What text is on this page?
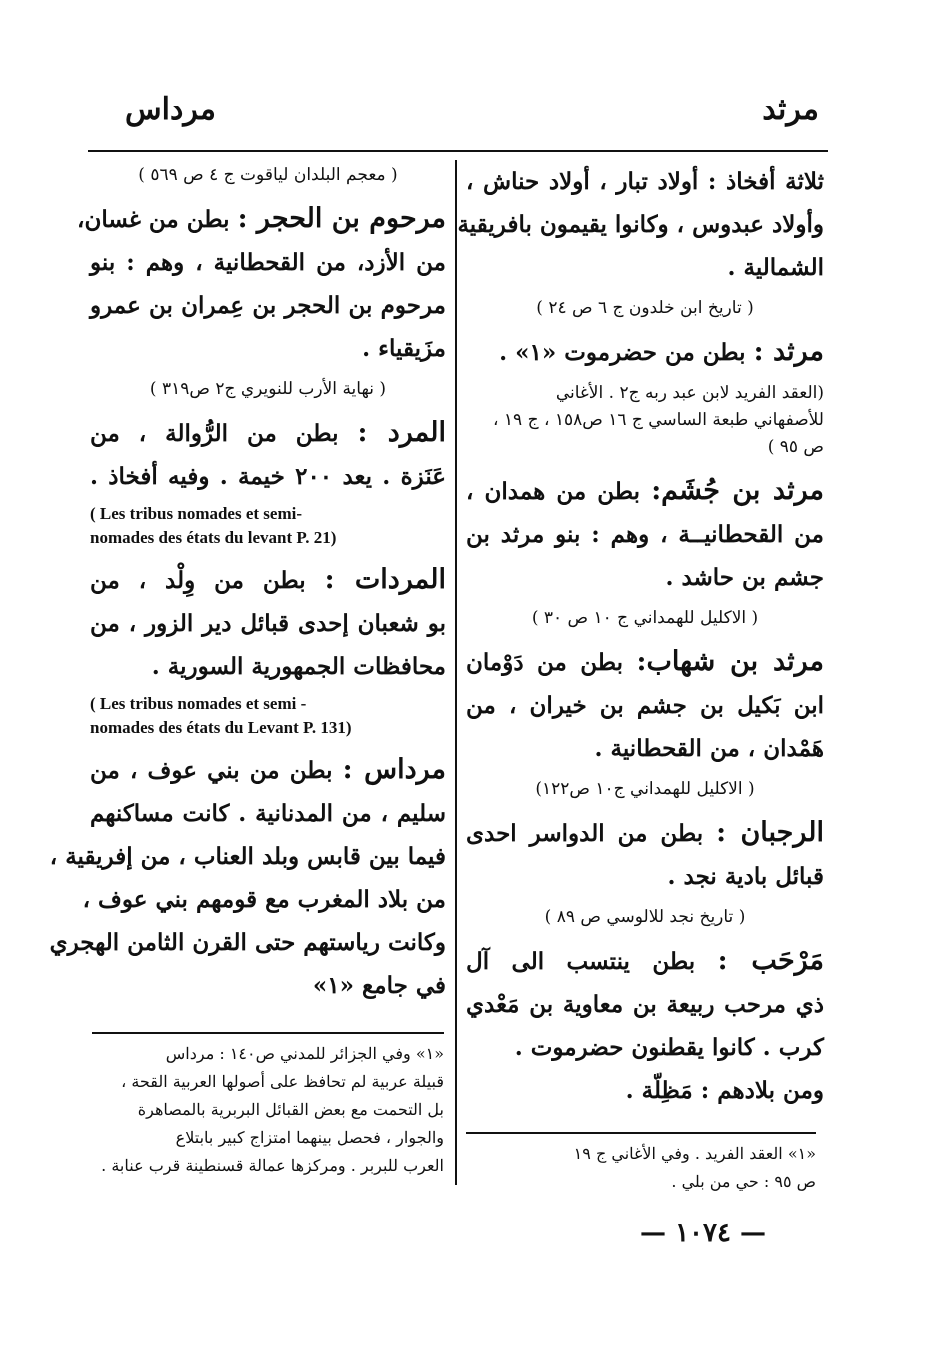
مرثد
مرداس

ثلاثة أفخاذ : أولاد تبار ، أولاد حناش ،

وأولاد عبدوس ، وكانوا يقيمون بافريقية

الشمالية .

( تاريخ ابن خلدون ج ٦ ص ٢٤ )

مرثد : بطن من حضرموت «١» .

(العقد الفريد لابن عبد ربه ج٢ . الأغاني
للأصفهاني طبعة الساسي ج ١٦ ص١٥٨ ، ج ١٩ ،
ص ٩٥ )

مرثد بن جُشَم: بطن من همدان ،

من القحطانيــة ، وهم : بنو مرثد بن

جشم بن حاشد .

( الاكليل للهمداني ج ١٠ ص ٣٠ )

مرثد بن شهاب: بطن من دَوْمان

ابن بَكيل بن جشم بن خيران ، من

هَمْدان ، من القحطانية .

( الاكليل للهمداني ج١٠ ص١٢٢)

الرجبان : بطن من الدواسر احدى

قبائل بادية نجد .

( تاريخ نجد للالوسي ص ٨٩ )

مَرْحَب : بطن ينتسب الى آل

ذي مرحب ربيعة بن معاوية بن مَعْدي

كرب . كانوا يقطنون حضرموت .

ومن بلادهم : مَظِلّة .

«١» العقد الفريد . وفي الأغاني ج ١٩
ص ٩٥ : حي من بلي .
( معجم البلدان لياقوت ج ٤ ص ٥٦٩ )

مرحوم بن الحجر : بطن من غسان،

من الأزد، من القحطانية ، وهم : بنو

مرحوم بن الحجر بن عِمران بن عمرو

مزَيقياء .

( نهاية الأرب للنويري ج٢ ص٣١٩ )

المرد : بطن من الرُّوالة ، من

عَنَزة . يعد ٢٠٠ خيمة . وفيه أفخاذ .

( Les tribus nomades et semi-
nomades des états du levant P. 21)

المردات : بطن من وِلْد ، من

بو شعبان إحدى قبائل دير الزور ، من

محافظات الجمهورية السورية .

( Les tribus nomades et semi -
nomades des états du Levant P. 131)

مرداس : بطن من بني عوف ، من

سليم ، من المدنانية . كانت مساكنهم

فيما بين قابس وبلد العناب ، من إفريقية ،

من بلاد المغرب مع قومهم بني عوف ،

وكانت رياستهم حتى القرن الثامن الهجري

في جامع «١»

«١» وفي الجزائر للمدني ص١٤٠ : مرداس
قبيلة عربية لم تحافظ على أصولها العربية القحة ،
بل التحمت مع بعض القبائل البربرية بالمصاهرة
والجوار ، فحصل بينهما امتزاج كبير بابتلاع
العرب للبربر . ومركزها عمالة قسنطينة قرب عنابة .
— ١٠٧٤ —
